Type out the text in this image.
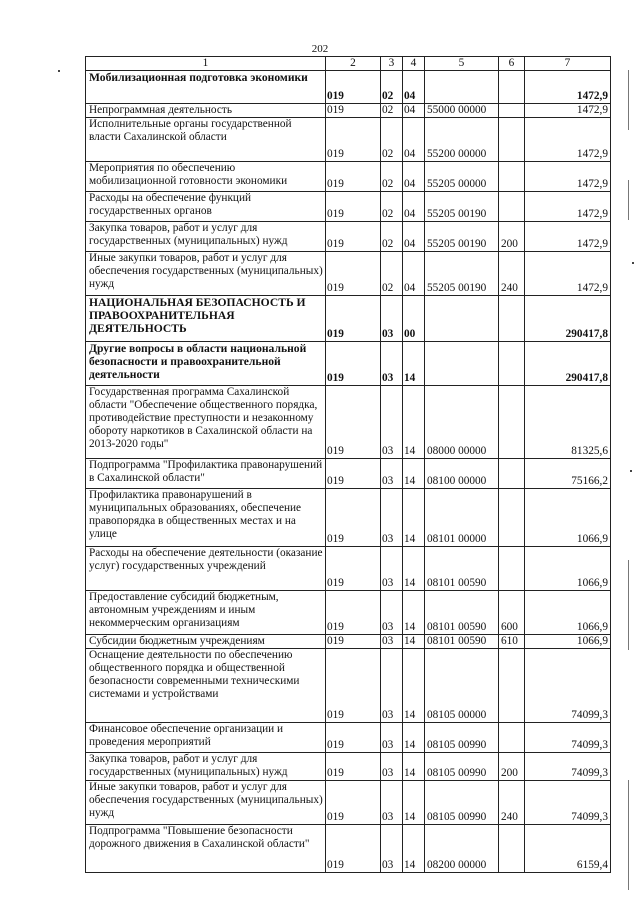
202
1	2	3	4	5	6	7
Мобилизационная подготовка экономики	019	02	04			1472,9
Непрограммная деятельность	019	02	04	55000 00000		1472,9
Исполнительные органы государственной власти Сахалинской области	019	02	04	55200 00000		1472,9
Мероприятия по обеспечению мобилизационной готовности экономики	019	02	04	55205 00000		1472,9
Расходы на обеспечение функций государственных органов	019	02	04	55205 00190		1472,9
Закупка товаров, работ и услуг для государственных (муниципальных) нужд	019	02	04	55205 00190	200	1472,9
Иные закупки товаров, работ и услуг для обеспечения государственных (муниципальных) нужд	019	02	04	55205 00190	240	1472,9
НАЦИОНАЛЬНАЯ БЕЗОПАСНОСТЬ И ПРАВООХРАНИТЕЛЬНАЯ ДЕЯТЕЛЬНОСТЬ	019	03	00			290417,8
Другие вопросы в области национальной безопасности и правоохранительной деятельности	019	03	14			290417,8
Государственная программа Сахалинской области "Обеспечение общественного порядка, противодействие преступности и незаконному обороту наркотиков в Сахалинской области на 2013-2020 годы"	019	03	14	08000 00000		81325,6
Подпрограмма "Профилактика правонарушений в Сахалинской области"	019	03	14	08100 00000		75166,2
Профилактика правонарушений в муниципальных образованиях, обеспечение правопорядка в общественных местах и на улице	019	03	14	08101 00000		1066,9
Расходы на обеспечение деятельности (оказание услуг) государственных учреждений	019	03	14	08101 00590		1066,9
Предоставление субсидий бюджетным, автономным учреждениям и иным некоммерческим организациям	019	03	14	08101 00590	600	1066,9
Субсидии бюджетным учреждениям	019	03	14	08101 00590	610	1066,9
Оснащение деятельности по обеспечению общественного порядка и общественной безопасности современными техническими системами и устройствами	019	03	14	08105 00000		74099,3
Финансовое обеспечение организации и проведения мероприятий	019	03	14	08105 00990		74099,3
Закупка товаров, работ и услуг для государственных (муниципальных) нужд	019	03	14	08105 00990	200	74099,3
Иные закупки товаров, работ и услуг для обеспечения государственных (муниципальных) нужд	019	03	14	08105 00990	240	74099,3
Подпрограмма "Повышение безопасности дорожного движения в Сахалинской области"	019	03	14	08200 00000		6159,4
